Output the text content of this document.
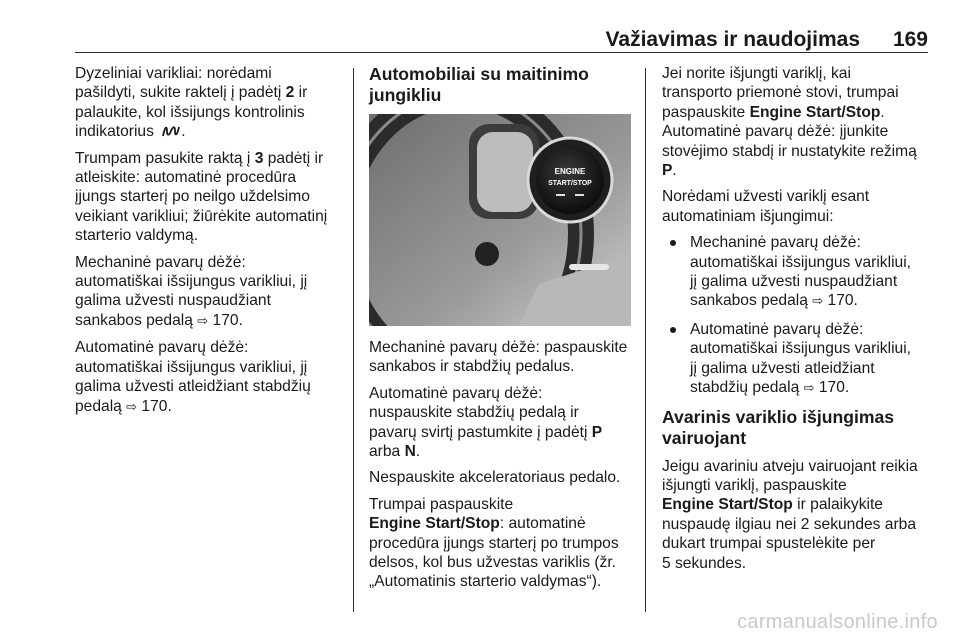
Važiavimas ir naudojimas	169

Dyzeliniai varikliai: norėdami
pašildyti, sukite raktelį į padėtį 2 ir
palaukite, kol išsijungs kontrolinis
indikatorius .

Trumpam pasukite raktą į 3 padėtį ir
atleiskite: automatinė procedūra
įjungs starterį po neilgo uždelsimo
veikiant varikliui; žiūrėkite automatinį
starterio valdymą.

Mechaninė pavarų dėžė:
automatiškai išsijungus varikliui, jį
galima užvesti nuspaudžiant
sankabos pedalą ⇨ 170.

Automatinė pavarų dėžė:
automatiškai išsijungus varikliui, jį
galima užvesti atleidžiant stabdžių
pedalą ⇨ 170.

Automobiliai su maitinimo
jungikliu
ENGINE
START/STOP

Mechaninė pavarų dėžė: paspauskite
sankabos ir stabdžių pedalus.

Automatinė pavarų dėžė:
nuspauskite stabdžių pedalą ir
pavarų svirtį pastumkite į padėtį P
arba N.

Nespauskite akceleratoriaus pedalo.

Trumpai paspauskite
Engine Start/Stop: automatinė
procedūra įjungs starterį po trumpos
delsos, kol bus užvestas variklis (žr.
„Automatinis starterio valdymas“).

Jei norite išjungti variklį, kai
transporto priemonė stovi, trumpai
paspauskite Engine Start/Stop.
Automatinė pavarų dėžė: įjunkite
stovėjimo stabdį ir nustatykite režimą
P.

Norėdami užvesti variklį esant
automatiniam išjungimui:

Mechaninė pavarų dėžė:
automatiškai išsijungus varikliui,
jį galima užvesti nuspaudžiant
sankabos pedalą ⇨ 170.
Automatinė pavarų dėžė:
automatiškai išsijungus varikliui,
jį galima užvesti atleidžiant
stabdžių pedalą ⇨ 170.
Avarinis variklio išjungimas
vairuojant

Jeigu avariniu atveju vairuojant reikia
išjungti variklį, paspauskite
Engine Start/Stop ir palaikykite
nuspaudę ilgiau nei 2 sekundes arba
dukart trumpai spustelėkite per
5 sekundes.

carmanualsonline.info
